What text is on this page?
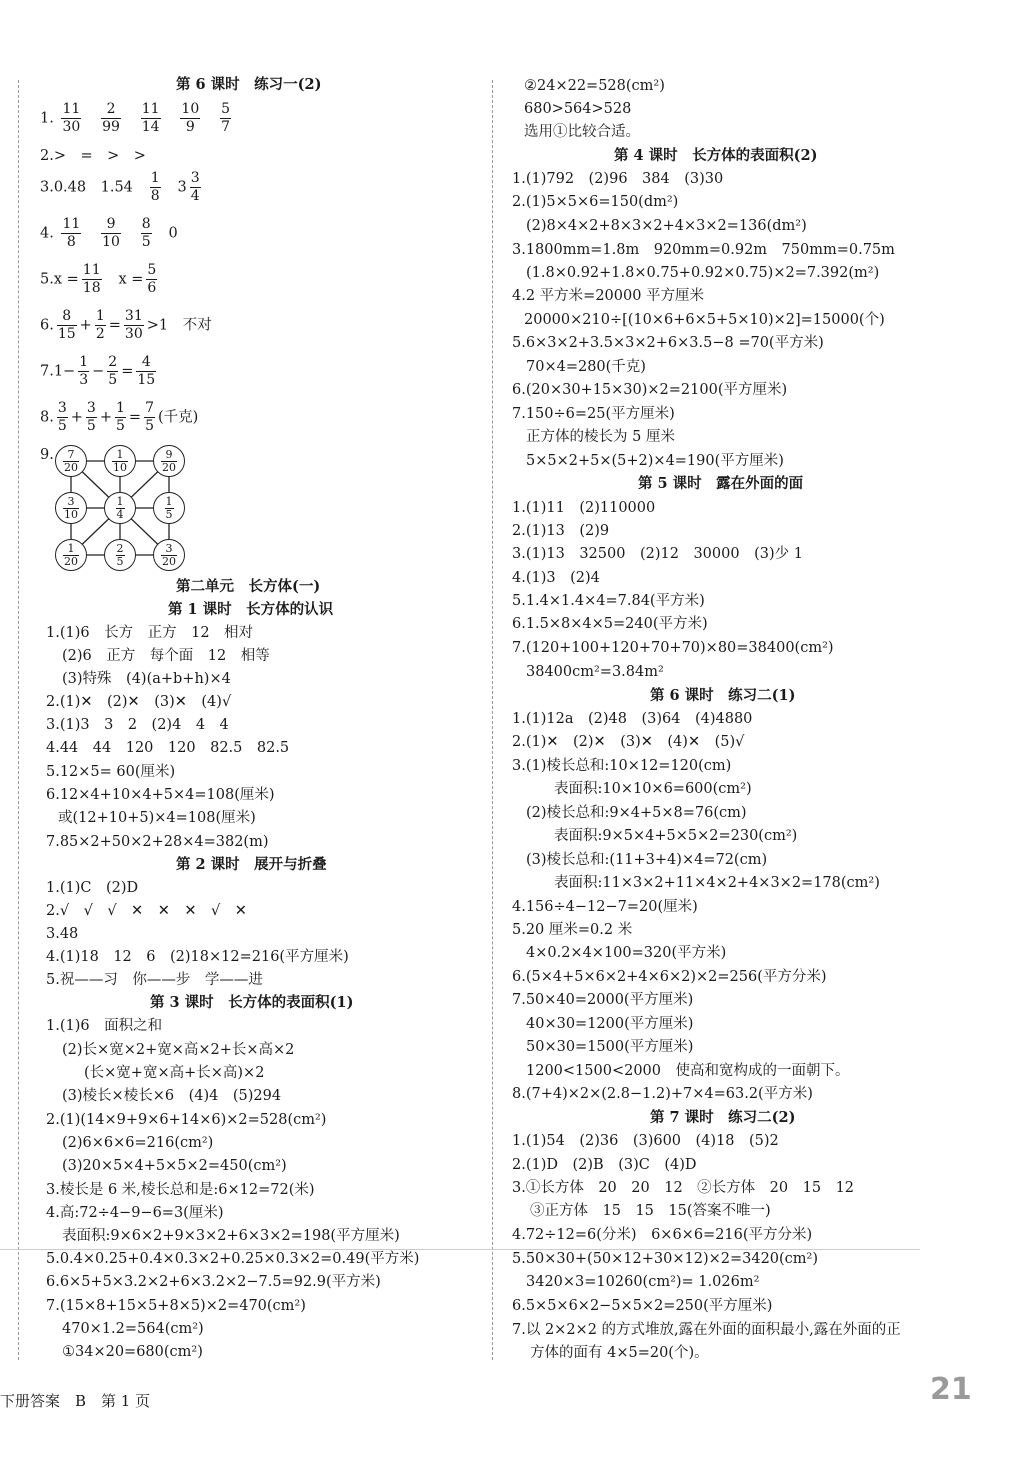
第 6 课时　练习一(2)
1. $\frac{11}{30}$
$\frac{2}{99}$
$\frac{11}{14}$
$\frac{10}{9}$
$\frac{5}{7}$
2.>　=　>　>
3.0.48　$1.54 \frac{1}{8} 3 \frac{3}{4}$
4. $\frac{11}{8}$
$\frac{9}{10}$
$\frac{8}{5} 0$
$5.x = \frac{11}{18}$ $x = \frac{5}{6}$
6. $\frac{8}{15} + \frac{1}{2} = \frac{31}{30} >1$　不对
$7.1- \frac{1}{3} - \frac{2}{5} = \frac{4}{15}$
8. $\frac{3}{5} + \frac{3}{5} + \frac{1}{5} = \frac{7}{5}$ (千克)
9. $\frac{7}{20}$	$\frac{1}{10}$	$\frac{9}{20}$
$\frac{3}{10}$	$\frac{1}{4}$	$\frac{1}{5}$
$\frac{1}{20}$	$\frac{2}{5}$	$\frac{3}{20}$
第二单元　长方体(一)
第 1 课时　长方体的认识
1.(1)6　长方　正方　12　相对
(2)6　正方　每个面　12　相等
(3)特殊　(4)(a+b+h)×4
2.(1)✕　(2)✕　(3)✕　(4)√
3.(1)3　3　2　(2)4　4　4
4.44　44　120　120　82.5　82.5
5.12×5= 60(厘米)
6.12×4+10×4+5×4=108(厘米)
或(12+10+5)×4=108(厘米)
7.85×2+50×2+28×4=382(m)
第 2 课时　展开与折叠
1.(1)C　(2)D
2.√　√　√　✕　✕　✕　√　✕
3.48
4.(1)18　12　6　(2)18×12=216(平方厘米)
5.祝——习　你——步　学——进
第 3 课时　长方体的表面积(1)
1.(1)6　面积之和
(2)长×宽×2+宽×高×2+长×高×2
(长×宽+宽×高+长×高)×2
(3)棱长×棱长×6　(4)4　(5)294
2.(1)(14×9+9×6+14×6)×2=528(cm²)
(2)6×6×6=216(cm²)
(3)20×5×4+5×5×2=450(cm²)
3.棱长是 6 米,棱长总和是:6×12=72(米)
4.高:72÷4−9−6=3(厘米)
表面积:9×6×2+9×3×2+6×3×2=198(平方厘米)
5.0.4×0.25+0.4×0.3×2+0.25×0.3×2=0.49(平方米)
6.6×5+5×3.2×2+6×3.2×2−7.5=92.9(平方米)
7.(15×8+15×5+8×5)×2=470(cm²)
470×1.2=564(cm²)
①34×20=680(cm²)
②24×22=528(cm²)
680>564>528
选用①比较合适。
第 4 课时　长方体的表面积(2)
1.(1)792　(2)96　384　(3)30
2.(1)5×5×6=150(dm²)
(2)8×4×2+8×3×2+4×3×2=136(dm²)
3.1800mm=1.8m　920mm=0.92m　750mm=0.75m
(1.8×0.92+1.8×0.75+0.92×0.75)×2=7.392(m²)
4.2 平方米=20000 平方厘米
20000×210÷[(10×6+6×5+5×10)×2]=15000(个)
5.6×3×2+3.5×3×2+6×3.5−8 =70(平方米)
70×4=280(千克)
6.(20×30+15×30)×2=2100(平方厘米)
7.150÷6=25(平方厘米)
正方体的棱长为 5 厘米
5×5×2+5×(5+2)×4=190(平方厘米)
第 5 课时　露在外面的面
1.(1)11　(2)110000
2.(1)13　(2)9
3.(1)13　32500　(2)12　30000　(3)少 1
4.(1)3　(2)4
5.1.4×1.4×4=7.84(平方米)
6.1.5×8×4×5=240(平方米)
7.(120+100+120+70+70)×80=38400(cm²)
38400cm²=3.84m²
第 6 课时　练习二(1)
1.(1)12a　(2)48　(3)64　(4)4880
2.(1)✕　(2)✕　(3)✕　(4)✕　(5)√
3.(1)棱长总和:10×12=120(cm)
表面积:10×10×6=600(cm²)
(2)棱长总和:9×4+5×8=76(cm)
表面积:9×5×4+5×5×2=230(cm²)
(3)棱长总和:(11+3+4)×4=72(cm)
表面积:11×3×2+11×4×2+4×3×2=178(cm²)
4.156÷4−12−7=20(厘米)
5.20 厘米=0.2 米
4×0.2×4×100=320(平方米)
6.(5×4+5×6×2+4×6×2)×2=256(平方分米)
7.50×40=2000(平方厘米)
40×30=1200(平方厘米)
50×30=1500(平方厘米)
1200<1500<2000　使高和宽构成的一面朝下。
8.(7+4)×2×(2.8−1.2)+7×4=63.2(平方米)
第 7 课时　练习二(2)
1.(1)54　(2)36　(3)600　(4)18　(5)2
2.(1)D　(2)B　(3)C　(4)D
3.①长方体　20　20　12　②长方体　20　15　12
③正方体　15　15　15(答案不唯一)
4.72÷12=6(分米)　6×6×6=216(平方分米)
5.50×30+(50×12+30×12)×2=3420(cm²)
3420×3=10260(cm²)= 1.026m²
6.5×5×6×2−5×5×2=250(平方厘米)
7.以 2×2×2 的方式堆放,露在外面的面积最小,露在外面的正
方体的面有 4×5=20(个)。
下册答案　B　第 1 页	21
